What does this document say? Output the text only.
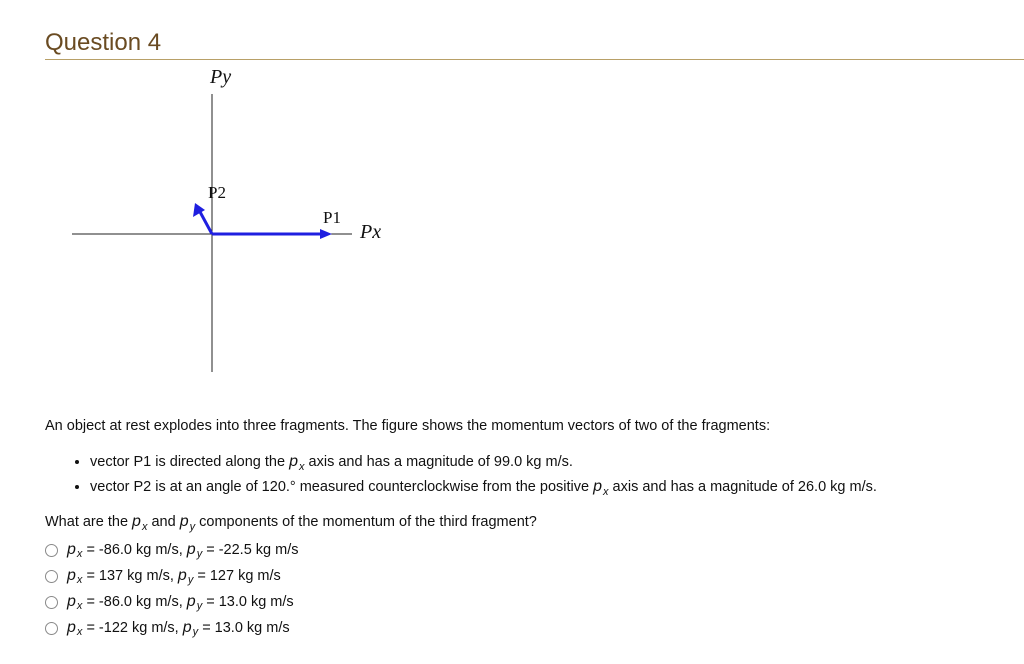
Question 4
Py
Px
P1
P2
An object at rest explodes into three fragments. The figure shows the momentum vectors of two of the fragments:
• vector P1 is directed along the $p_x$ axis and has a magnitude of 99.0 kg m/s.
• vector P2 is at an angle of 120.° measured counterclockwise from the positive $p_x$ axis and has a magnitude of 26.0 kg m/s.
What are the $p_x$ and $p_y$ components of the momentum of the third fragment?
p x
= -86.0 kg m/s,
p y
= -22.5 kg m/s
p x
= 137 kg m/s,
p y
= 127 kg m/s
p x
= -86.0 kg m/s,
p y
= 13.0 kg m/s
p x
= -122 kg m/s,
p y
= 13.0 kg m/s
